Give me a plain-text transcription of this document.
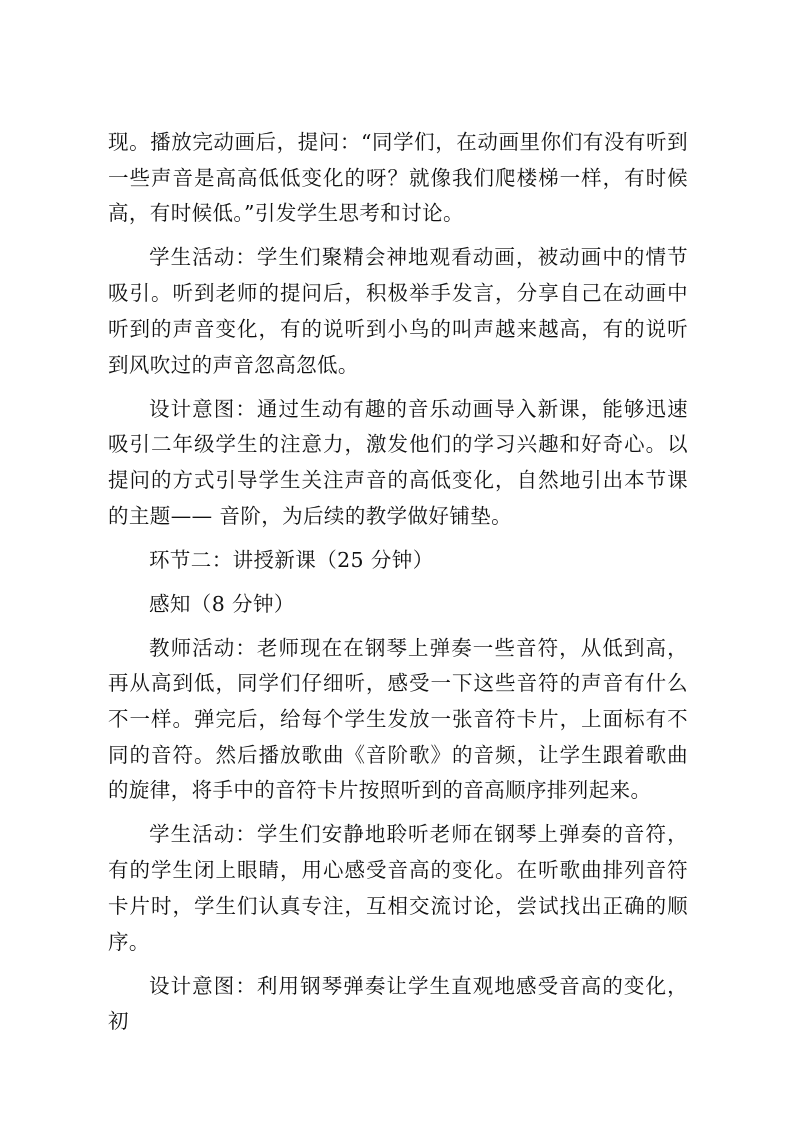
现。播放完动画后，提问：“同学们，在动画里你们有没有听到一些声音是高高低低变化的呀？就像我们爬楼梯一样，有时候高，有时候低。”引发学生思考和讨论。

学生活动：学生们聚精会神地观看动画，被动画中的情节吸引。听到老师的提问后，积极举手发言，分享自己在动画中听到的声音变化，有的说听到小鸟的叫声越来越高，有的说听到风吹过的声音忽高忽低。

设计意图：通过生动有趣的音乐动画导入新课，能够迅速吸引二年级学生的注意力，激发他们的学习兴趣和好奇心。以提问的方式引导学生关注声音的高低变化，自然地引出本节课的主题—— 音阶，为后续的教学做好铺垫。

环节二：讲授新课（25 分钟）

感知（8 分钟）

教师活动：老师现在在钢琴上弹奏一些音符，从低到高，再从高到低，同学们仔细听，感受一下这些音符的声音有什么不一样。弹完后，给每个学生发放一张音符卡片，上面标有不同的音符。然后播放歌曲《音阶歌》的音频，让学生跟着歌曲的旋律，将手中的音符卡片按照听到的音高顺序排列起来。

学生活动：学生们安静地聆听老师在钢琴上弹奏的音符，有的学生闭上眼睛，用心感受音高的变化。在听歌曲排列音符卡片时，学生们认真专注，互相交流讨论，尝试找出正确的顺序。

设计意图：利用钢琴弹奏让学生直观地感受音高的变化，初
